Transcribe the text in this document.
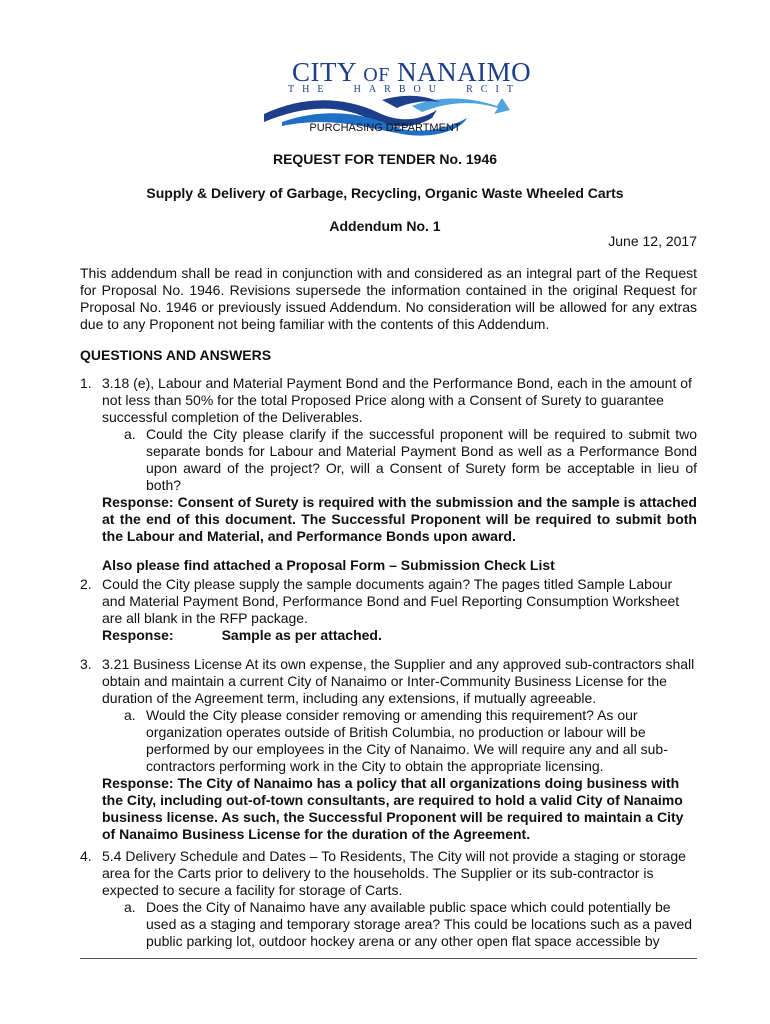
CITY OF NANAIMO
T H E	H A R B O U	R C I T
PURCHASING DEPARTMENT
REQUEST FOR TENDER No. 1946
Supply & Delivery of Garbage, Recycling, Organic Waste Wheeled Carts
Addendum No. 1
June 12, 2017
This addendum shall be read in conjunction with and considered as an integral part of the Request for Proposal No. 1946. Revisions supersede the information contained in the original Request for Proposal No. 1946 or previously issued Addendum. No consideration will be allowed for any extras due to any Proponent not being familiar with the contents of this Addendum.
QUESTIONS AND ANSWERS
1. 3.18 (e), Labour and Material Payment Bond and the Performance Bond, each in the amount of not less than 50% for the total Proposed Price along with a Consent of Surety to guarantee successful completion of the Deliverables.
a. Could the City please clarify if the successful proponent will be required to submit two separate bonds for Labour and Material Payment Bond as well as a Performance Bond upon award of the project? Or, will a Consent of Surety form be acceptable in lieu of both?
Response: Consent of Surety is required with the submission and the sample is attached at the end of this document. The Successful Proponent will be required to submit both the Labour and Material, and Performance Bonds upon award.
Also please find attached a Proposal Form – Submission Check List
2. Could the City please supply the sample documents again? The pages titled Sample Labour and Material Payment Bond, Performance Bond and Fuel Reporting Consumption Worksheet are all blank in the RFP package.
Response:	Sample as per attached.
3. 3.21 Business License At its own expense, the Supplier and any approved sub-contractors shall obtain and maintain a current City of Nanaimo or Inter-Community Business License for the duration of the Agreement term, including any extensions, if mutually agreeable.
a. Would the City please consider removing or amending this requirement? As our organization operates outside of British Columbia, no production or labour will be performed by our employees in the City of Nanaimo. We will require any and all sub-contractors performing work in the City to obtain the appropriate licensing.
Response: The City of Nanaimo has a policy that all organizations doing business with the City, including out-of-town consultants, are required to hold a valid City of Nanaimo business license. As such, the Successful Proponent will be required to maintain a City of Nanaimo Business License for the duration of the Agreement.
4. 5.4 Delivery Schedule and Dates – To Residents, The City will not provide a staging or storage area for the Carts prior to delivery to the households. The Supplier or its sub-contractor is expected to secure a facility for storage of Carts.
a. Does the City of Nanaimo have any available public space which could potentially be used as a staging and temporary storage area? This could be locations such as a paved public parking lot, outdoor hockey arena or any other open flat space accessible by
